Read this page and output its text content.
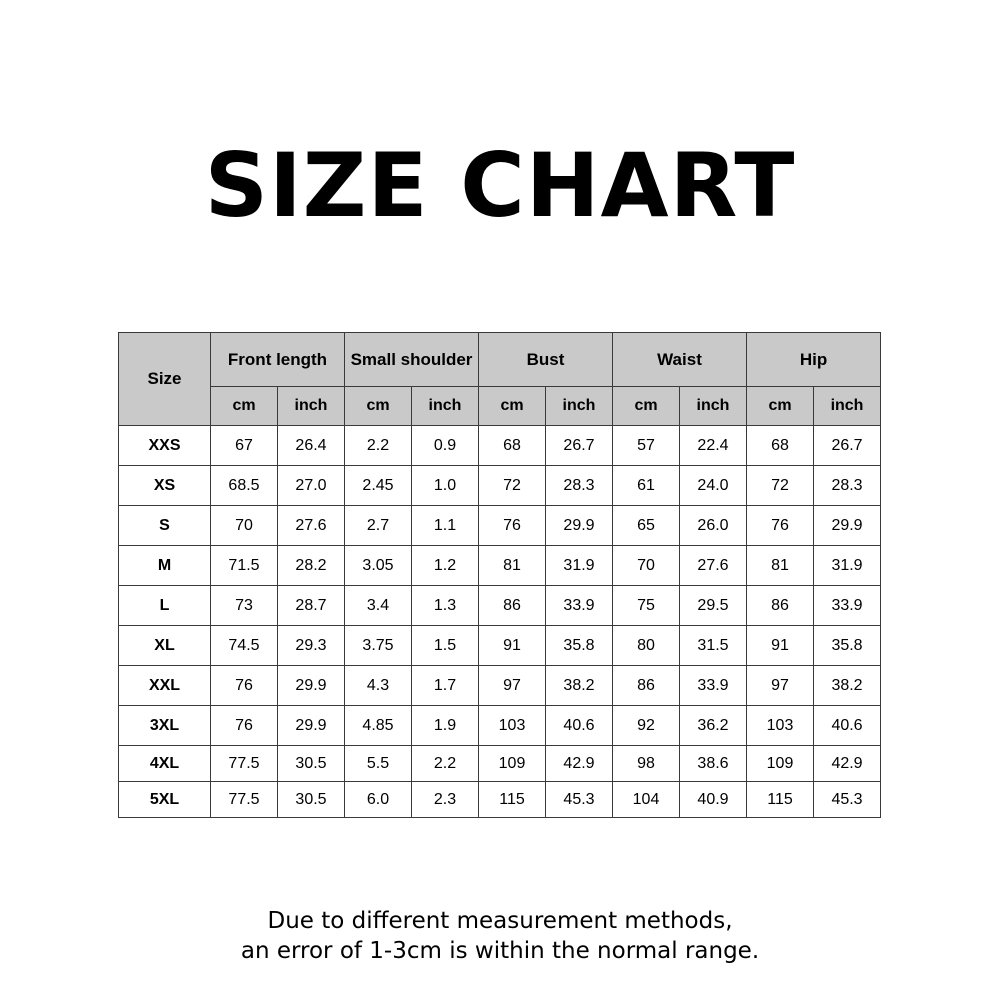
SIZE CHART
Size	Front length		Small shoulder		Bust		Waist		Hip	
	cm	inch	cm	inch	cm	inch	cm	inch	cm	inch
XXS	67	26.4	2.2	0.9	68	26.7	57	22.4	68	26.7
XS	68.5	27.0	2.45	1.0	72	28.3	61	24.0	72	28.3
S	70	27.6	2.7	1.1	76	29.9	65	26.0	76	29.9
M	71.5	28.2	3.05	1.2	81	31.9	70	27.6	81	31.9
L	73	28.7	3.4	1.3	86	33.9	75	29.5	86	33.9
XL	74.5	29.3	3.75	1.5	91	35.8	80	31.5	91	35.8
XXL	76	29.9	4.3	1.7	97	38.2	86	33.9	97	38.2
3XL	76	29.9	4.85	1.9	103	40.6	92	36.2	103	40.6
4XL	77.5	30.5	5.5	2.2	109	42.9	98	38.6	109	42.9
5XL	77.5	30.5	6.0	2.3	115	45.3	104	40.9	115	45.3
Due to different measurement methods,
an error of 1-3cm is within the normal range.
